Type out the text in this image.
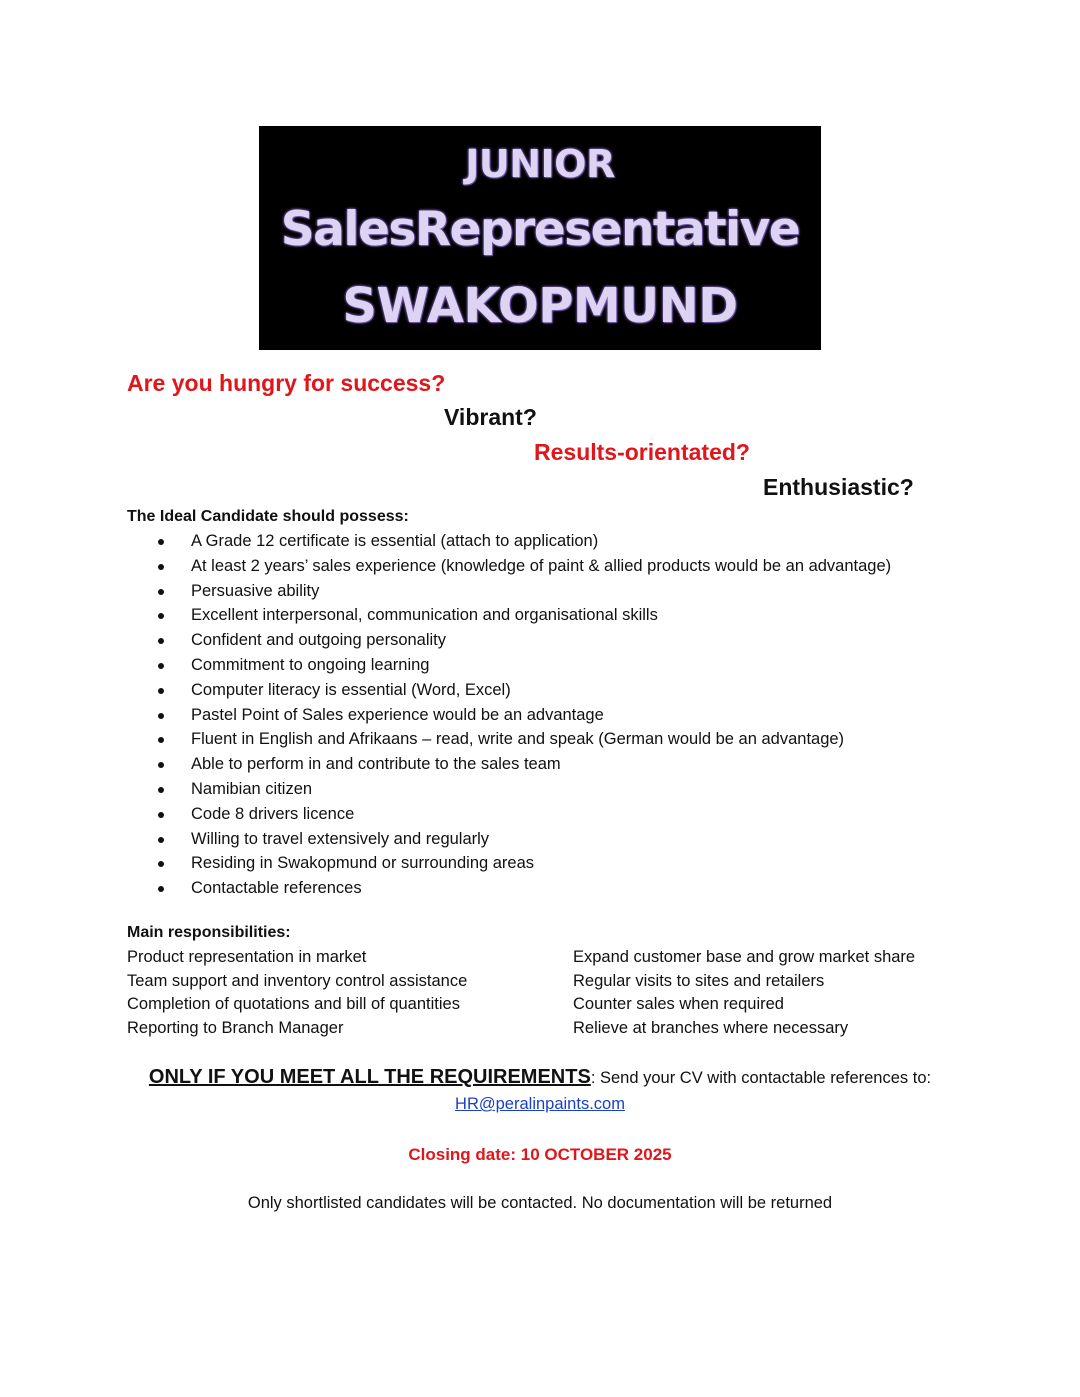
JUNIOR
SalesRepresentative
SWAKOPMUND
Are you hungry for success?
Vibrant?
Results-orientated?
Enthusiastic?
The Ideal Candidate should possess:
A Grade 12 certificate is essential (attach to application)
At least 2 years’ sales experience (knowledge of paint & allied products would be an advantage)
Persuasive ability
Excellent interpersonal, communication and organisational skills
Confident and outgoing personality
Commitment to ongoing learning
Computer literacy is essential (Word, Excel)
Pastel Point of Sales experience would be an advantage
Fluent in English and Afrikaans – read, write and speak (German would be an advantage)
Able to perform in and contribute to the sales team
Namibian citizen
Code 8 drivers licence
Willing to travel extensively and regularly
Residing in Swakopmund or surrounding areas
Contactable references
Main responsibilities:
Product representation in market
Team support and inventory control assistance
Completion of quotations and bill of quantities
Reporting to Branch Manager
Expand customer base and grow market share
Regular visits to sites and retailers
Counter sales when required
Relieve at branches where necessary
ONLY IF YOU MEET ALL THE REQUIREMENTS: Send your CV with contactable references to:
HR@peralinpaints.com
Closing date: 10 OCTOBER 2025
Only shortlisted candidates will be contacted. No documentation will be returned
